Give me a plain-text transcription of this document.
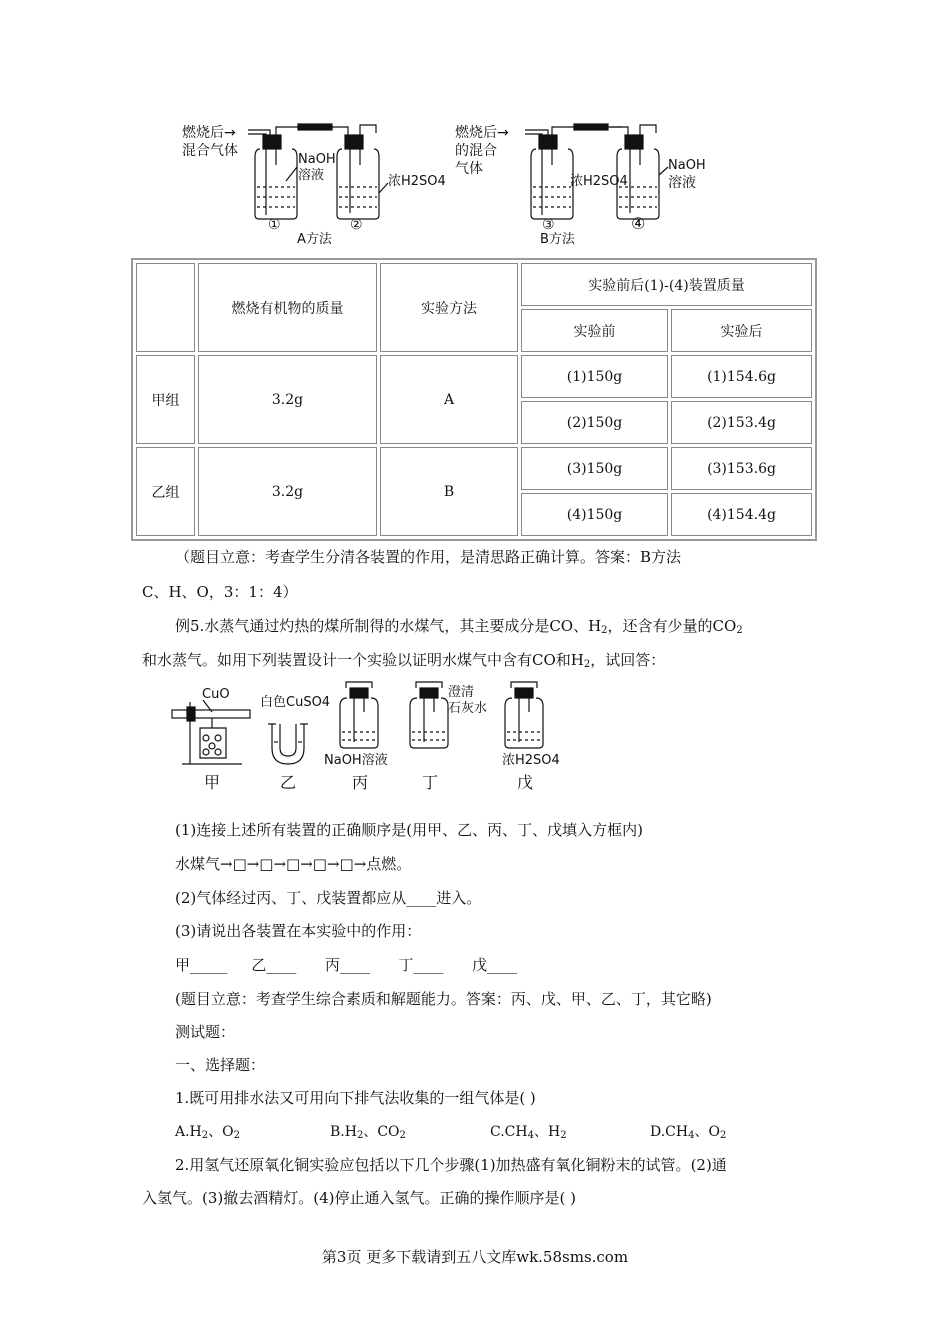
燃烧后→
混合气体
NaOH
溶液	浓H2SO4
①	②
A方法
燃烧后→
的混合
气体
浓H2SO4
③
B方法
NaOH
溶液
④
	燃烧有机物的质量	实验方法	实验前后(1)-(4)装置质量	
			实验前	实验后
甲组	3.2g	A	(1)150g	(1)154.6g
			(2)150g	(2)153.4g
乙组	3.2g	B	(3)150g	(3)153.6g
			(4)150g	(4)154.4g
（题目立意：考查学生分清各装置的作用，是清思路正确计算。答案：B方法
C、H、O，3：1：4）
例5.水蒸气通过灼热的煤所制得的水煤气，其主要成分是CO、$H_2$，还含有少量的$CO_2$
和水蒸气。如用下列装置设计一个实验以证明水煤气中含有CO和$H_2$，试回答：
CuO
白色CuSO4
澄清
石灰水
NaOH溶液	浓H2SO4
甲	乙	丙	丁	戊
(1)连接上述所有装置的正确顺序是(用甲、乙、丙、丁、戊填入方框内)
水煤气→□→□→□→□→□→点燃。
(2)气体经过丙、丁、戊装置都应从____进入。
(3)请说出各装置在本实验中的作用：
甲_____     乙____      丙____      丁____      戊____
(题目立意：考查学生综合素质和解题能力。答案：丙、戊、甲、乙、丁，其它略)
测试题：
一、选择题：
1.既可用排水法又可用向下排气法收集的一组气体是( )
$A.H_2$、$O_2$	$B.H_2$、$CO_2$	$C.CH_4$、$H_2$	$D.CH_4$、$O_2$
2.用氢气还原氧化铜实验应包括以下几个步骤(1)加热盛有氧化铜粉末的试管。(2)通
入氢气。(3)撤去酒精灯。(4)停止通入氢气。正确的操作顺序是( )
第3页 更多下载请到五八文库wk.58sms.com
